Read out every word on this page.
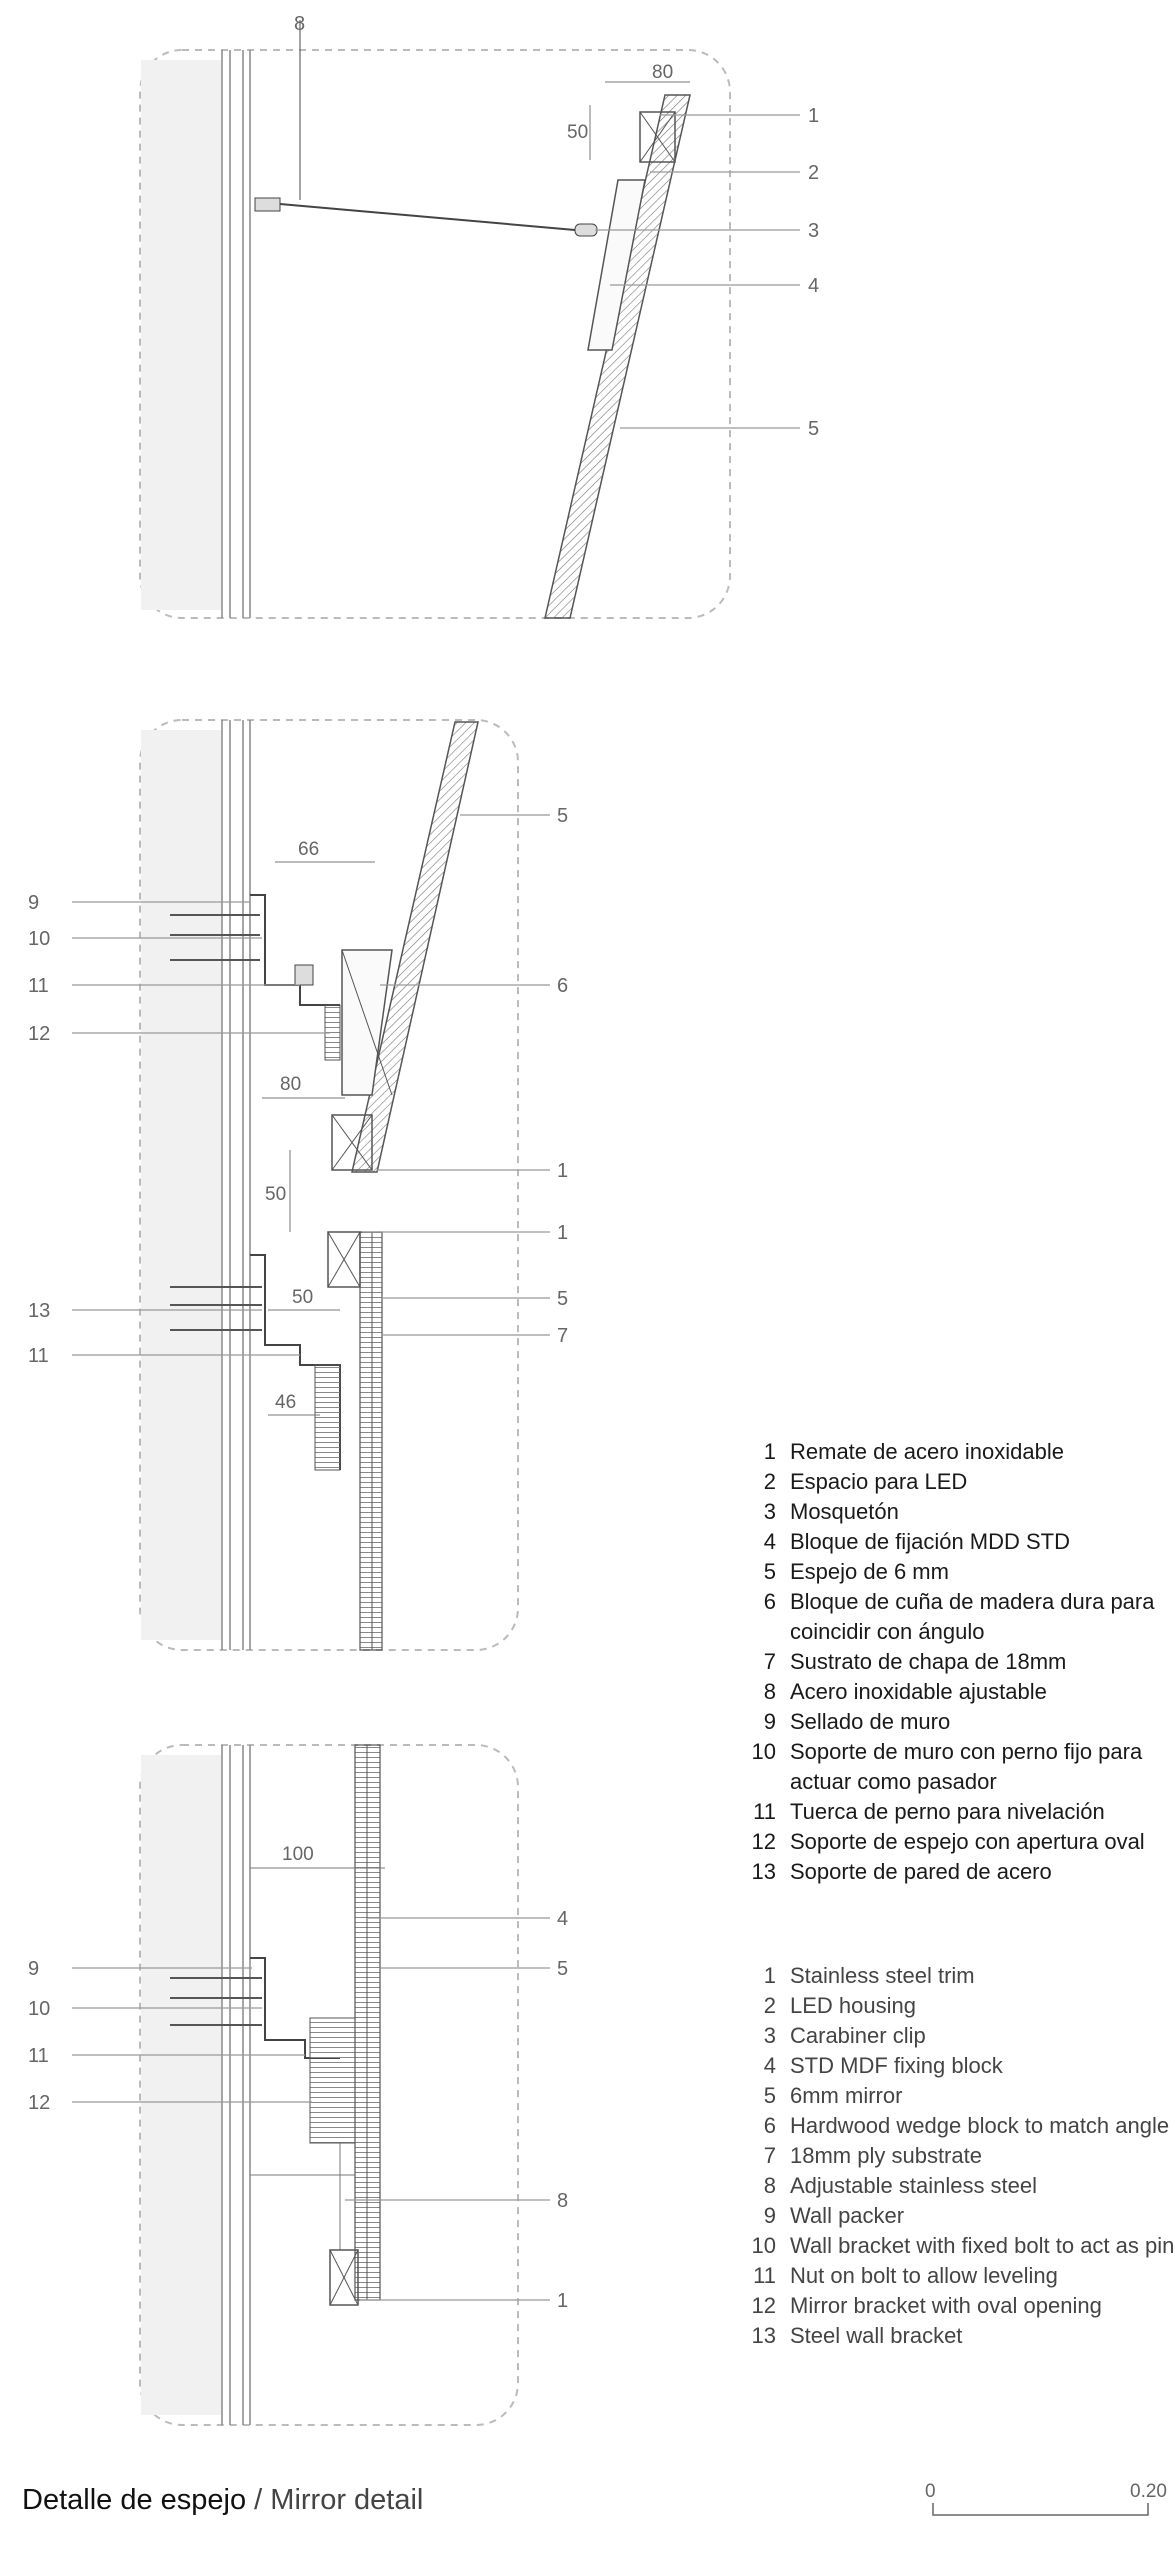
8
80
50
1
2
3
4
5
66
80
50
50
46
9
10
11
12
13
11
5
6
1
1
5
7
100
9
10
11
12
4
5
8
1
0	0.20
1 Remate de acero inoxidable
2 Espacio para LED
3 Mosquetón
4 Bloque de fijación MDD STD
5 Espejo de 6 mm
6 Bloque de cuña de madera dura para coincidir con ángulo
7 Sustrato de chapa de 18mm
8 Acero inoxidable ajustable
9 Sellado de muro
10 Soporte de muro con perno fijo para actuar como pasador
11 Tuerca de perno para nivelación
12 Soporte de espejo con apertura oval
13 Soporte de pared de acero
1 Stainless steel trim
2 LED housing
3 Carabiner clip
4 STD MDF fixing block
5 6mm mirror
6 Hardwood wedge block to match angle
7 18mm ply substrate
8 Adjustable stainless steel
9 Wall packer
10 Wall bracket with fixed bolt to act as pin
11 Nut on bolt to allow leveling
12 Mirror bracket with oval opening
13 Steel wall bracket
Detalle de espejo / Mirror detail
